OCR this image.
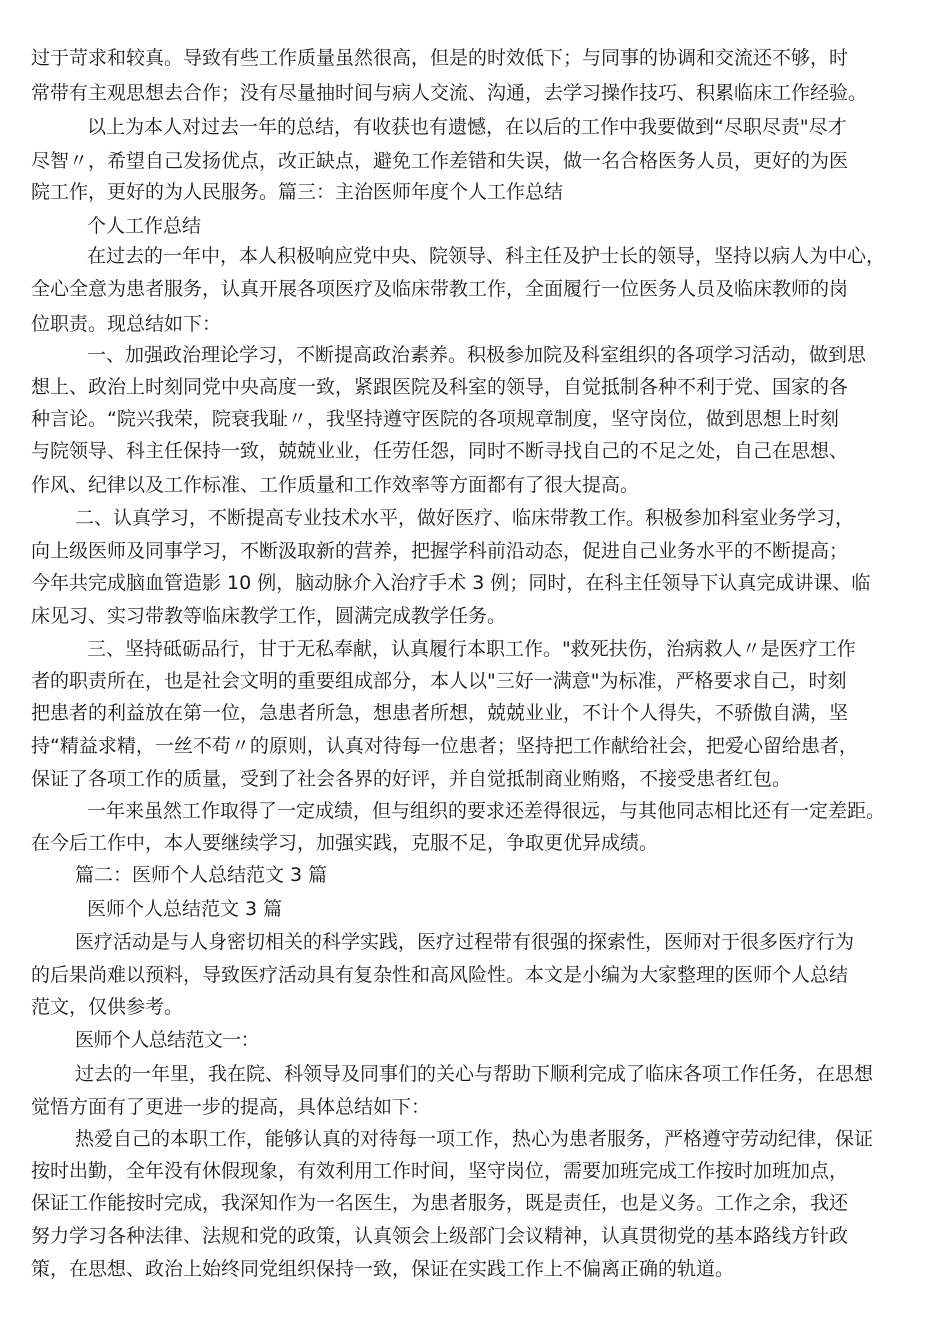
过于苛求和较真。导致有些工作质量虽然很高，但是的时效低下；与同事的协调和交流还不够，时
常带有主观思想去合作；没有尽量抽时间与病人交流、沟通，去学习操作技巧、积累临床工作经验。
以上为本人对过去一年的总结，有收获也有遗憾，在以后的工作中我要做到“尽职尽责"尽才
尽智〃，希望自己发扬优点，改正缺点，避免工作差错和失误，做一名合格医务人员，更好的为医
院工作，更好的为人民服务。篇三：主治医师年度个人工作总结
个人工作总结
在过去的一年中，本人积极响应党中央、院领导、科主任及护士长的领导，坚持以病人为中心，
全心全意为患者服务，认真开展各项医疗及临床带教工作，全面履行一位医务人员及临床教师的岗
位职责。现总结如下：
一、加强政治理论学习，不断提高政治素养。积极参加院及科室组织的各项学习活动，做到思
想上、政治上时刻同党中央高度一致，紧跟医院及科室的领导，自觉抵制各种不利于党、国家的各
种言论。“院兴我荣，院衰我耻〃，我坚持遵守医院的各项规章制度，坚守岗位，做到思想上时刻
与院领导、科主任保持一致，兢兢业业，任劳任怨，同时不断寻找自己的不足之处，自己在思想、
作风、纪律以及工作标准、工作质量和工作效率等方面都有了很大提高。
二、认真学习，不断提高专业技术水平，做好医疗、临床带教工作。积极参加科室业务学习，
向上级医师及同事学习，不断汲取新的营养，把握学科前沿动态，促进自己业务水平的不断提高；
今年共完成脑血管造影 10 例，脑动脉介入治疗手术 3 例；同时，在科主任领导下认真完成讲课、临
床见习、实习带教等临床教学工作，圆满完成教学任务。
三、坚持砥砺品行，甘于无私奉献，认真履行本职工作。"救死扶伤，治病救人〃是医疗工作
者的职责所在，也是社会文明的重要组成部分，本人以"三好一满意"为标准，严格要求自己，时刻
把患者的利益放在第一位，急患者所急，想患者所想，兢兢业业，不计个人得失，不骄傲自满，坚
持“精益求精，一丝不苟〃的原则，认真对待每一位患者；坚持把工作献给社会，把爱心留给患者，
保证了各项工作的质量，受到了社会各界的好评，并自觉抵制商业贿赂，不接受患者红包。
一年来虽然工作取得了一定成绩，但与组织的要求还差得很远，与其他同志相比还有一定差距。
在今后工作中，本人要继续学习，加强实践，克服不足，争取更优异成绩。
篇二：医师个人总结范文 3 篇
医师个人总结范文 3 篇
医疗活动是与人身密切相关的科学实践，医疗过程带有很强的探索性，医师对于很多医疗行为
的后果尚难以预料，导致医疗活动具有复杂性和高风险性。本文是小编为大家整理的医师个人总结
范文，仅供参考。
医师个人总结范文一：
过去的一年里，我在院、科领导及同事们的关心与帮助下顺利完成了临床各项工作任务，在思想
觉悟方面有了更进一步的提高，具体总结如下：
热爱自己的本职工作，能够认真的对待每一项工作，热心为患者服务，严格遵守劳动纪律，保证
按时出勤，全年没有休假现象，有效利用工作时间，坚守岗位，需要加班完成工作按时加班加点，
保证工作能按时完成，我深知作为一名医生，为患者服务，既是责任，也是义务。工作之余，我还
努力学习各种法律、法规和党的政策，认真领会上级部门会议精神，认真贯彻党的基本路线方针政
策，在思想、政治上始终同党组织保持一致，保证在实践工作上不偏离正确的轨道。
